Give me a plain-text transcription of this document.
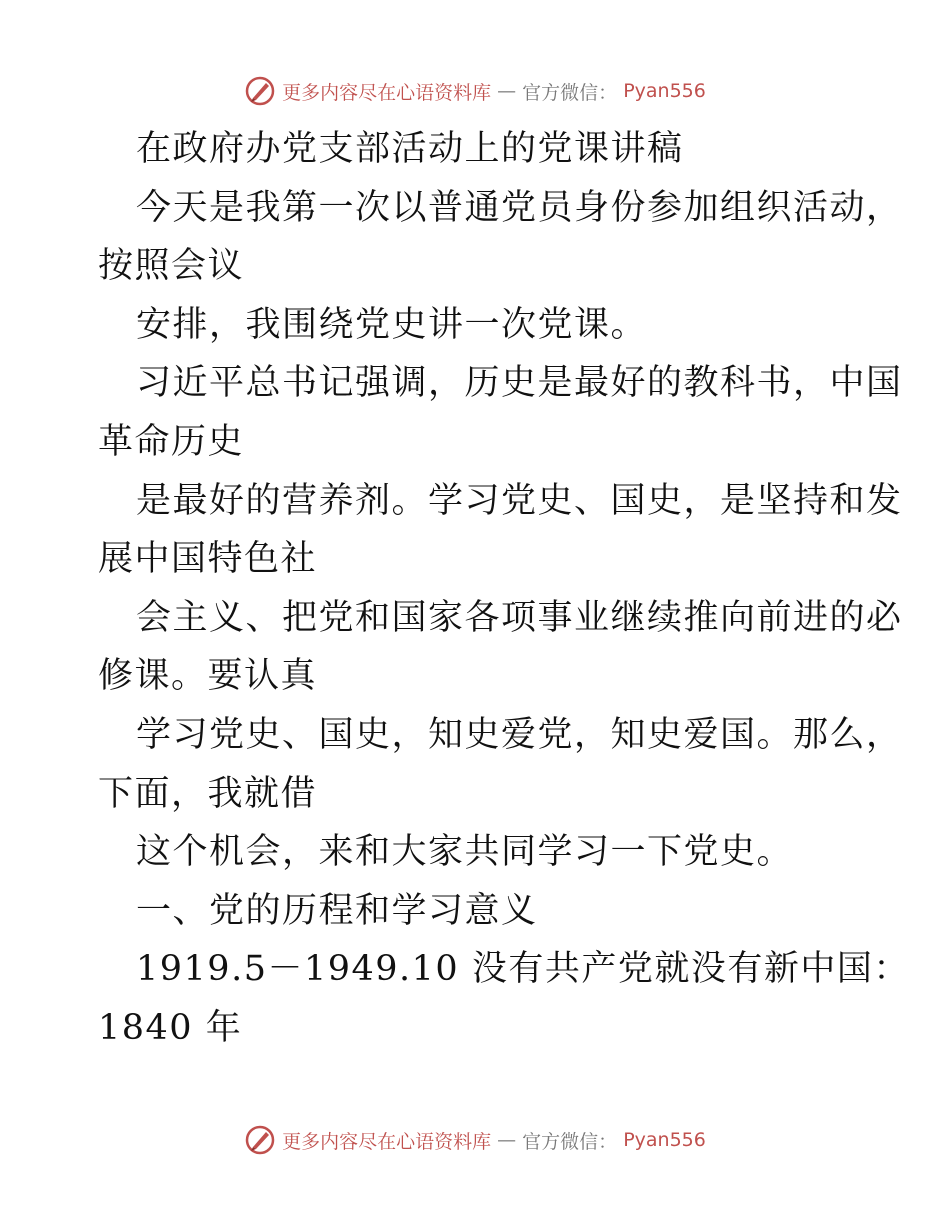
更多内容尽在心语资料库 — 官方微信： Pyan556
在政府办党支部活动上的党课讲稿
今天是我第一次以普通党员身份参加组织活动，
按照会议
安排，我围绕党史讲一次党课。
习近平总书记强调，历史是最好的教科书，中国
革命历史
是最好的营养剂。学习党史、国史，是坚持和发
展中国特色社
会主义、把党和国家各项事业继续推向前进的必
修课。要认真
学习党史、国史，知史爱党，知史爱国。那么，
下面，我就借
这个机会，来和大家共同学习一下党史。
一、党的历程和学习意义
1919.5－1949.10 没有共产党就没有新中国：
1840 年
更多内容尽在心语资料库 — 官方微信： Pyan556
